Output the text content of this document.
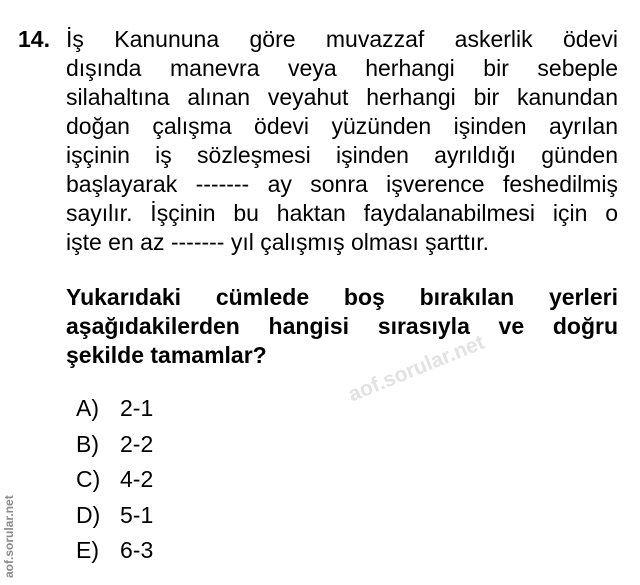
14. İş Kanununa göre muvazzaf askerlik ödevi
dışında manevra veya herhangi bir sebeple
silahaltına alınan veyahut herhangi bir kanundan
doğan çalışma ödevi yüzünden işinden ayrılan
işçinin iş sözleşmesi işinden ayrıldığı günden
başlayarak ------- ay sonra işverence feshedilmiş
sayılır. İşçinin bu haktan faydalanabilmesi için o
işte en az ------- yıl çalışmış olması şarttır.
Yukarıdaki cümlede boş bırakılan yerleri
aşağıdakilerden hangisi sırasıyla ve doğru
şekilde tamamlar?
A) 2-1
B) 2-2
C) 4-2
D) 5-1
E) 6-3
aof.sorular.net
aof.sorular.net
